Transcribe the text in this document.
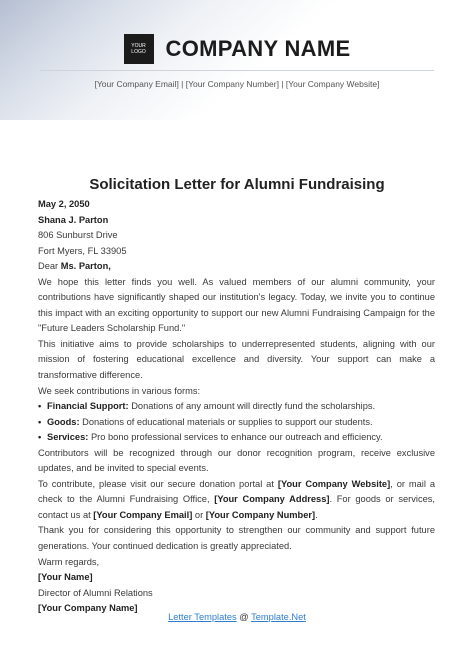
YOUR LOGO COMPANY NAME
[Your Company Email] | [Your Company Number] | [Your Company Website]
Solicitation Letter for Alumni Fundraising

May 2, 2050

Shana J. Parton

806 Sunburst Drive

Fort Myers, FL 33905

Dear Ms. Parton,

We hope this letter finds you well. As valued members of our alumni community, your contributions have significantly shaped our institution's legacy. Today, we invite you to continue this impact with an exciting opportunity to support our new Alumni Fundraising Campaign for the "Future Leaders Scholarship Fund."

This initiative aims to provide scholarships to underrepresented students, aligning with our mission of fostering educational excellence and diversity. Your support can make a transformative difference.

We seek contributions in various forms:

• Financial Support: Donations of any amount will directly fund the scholarships.
• Goods: Donations of educational materials or supplies to support our students.
• Services: Pro bono professional services to enhance our outreach and efficiency.

Contributors will be recognized through our donor recognition program, receive exclusive updates, and be invited to special events.

To contribute, please visit our secure donation portal at [Your Company Website], or mail a check to the Alumni Fundraising Office, [Your Company Address]. For goods or services, contact us at [Your Company Email] or [Your Company Number].

Thank you for considering this opportunity to strengthen our community and support future generations. Your continued dedication is greatly appreciated.

Warm regards,

[Your Name]

Director of Alumni Relations

[Your Company Name]

Letter Templates @ Template.Net
